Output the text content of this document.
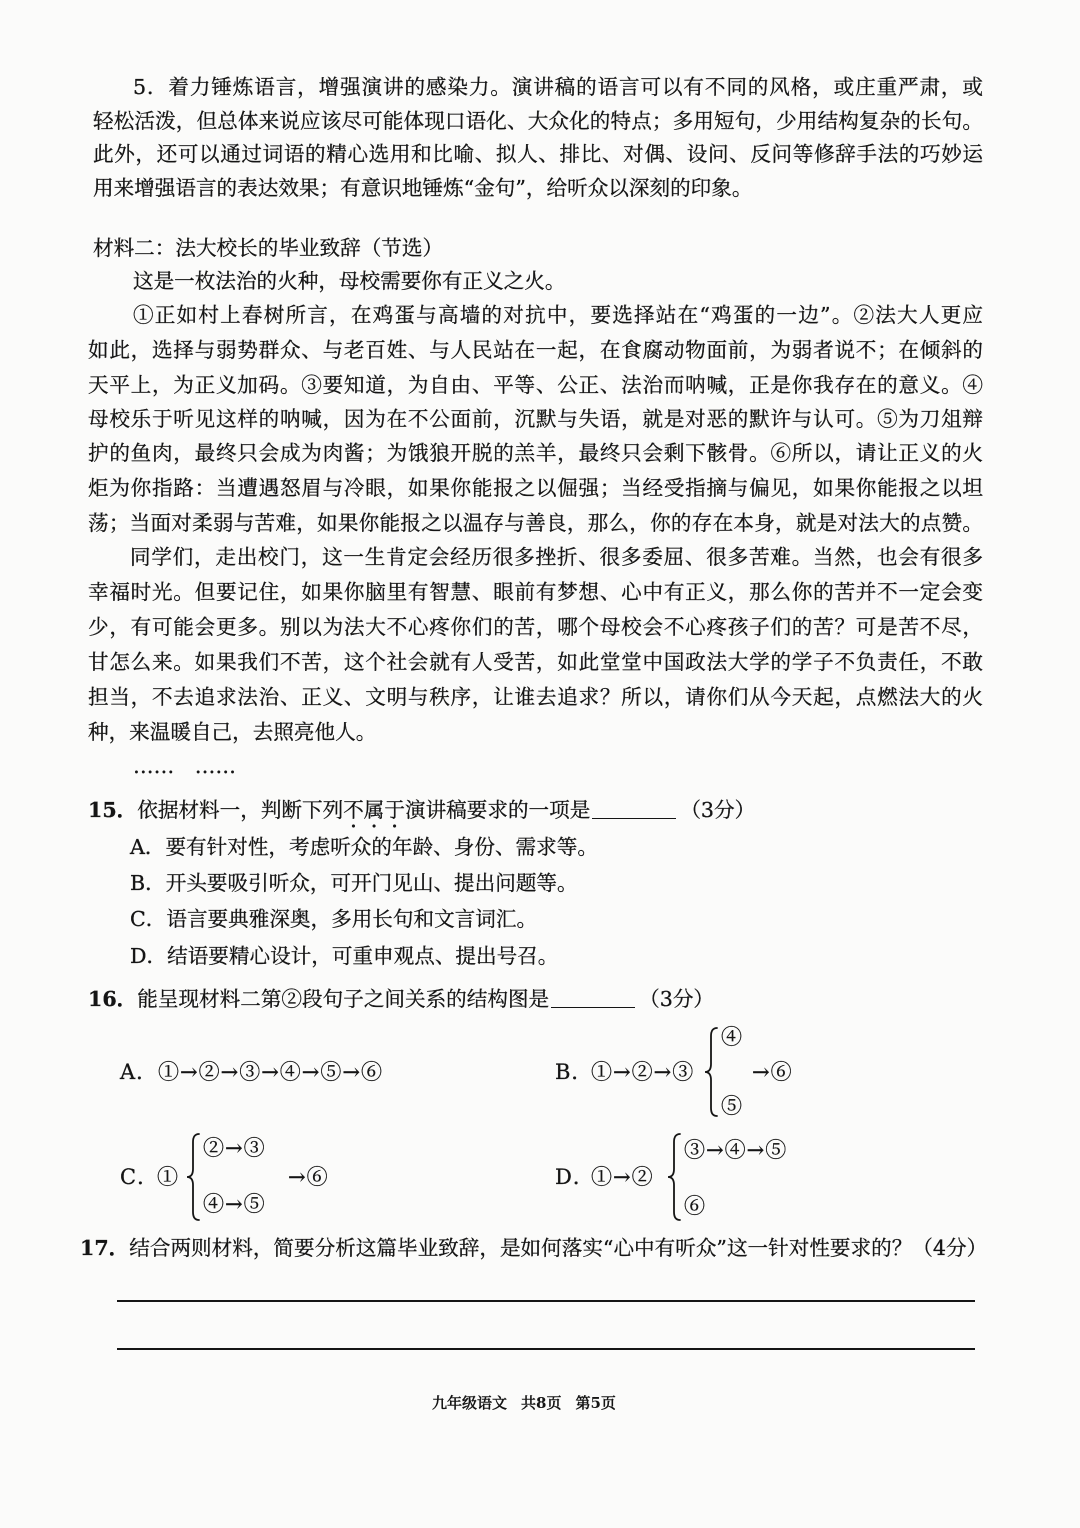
5．着力锤炼语言，增强演讲的感染力。演讲稿的语言可以有不同的风格，或庄重严肃，或
轻松活泼，但总体来说应该尽可能体现口语化、大众化的特点；多用短句，少用结构复杂的长句。
此外，还可以通过词语的精心选用和比喻、拟人、排比、对偶、设问、反问等修辞手法的巧妙运
用来增强语言的表达效果；有意识地锤炼“金句”，给听众以深刻的印象。
材料二：法大校长的毕业致辞（节选）
这是一枚法治的火种，母校需要你有正义之火。
①正如村上春树所言，在鸡蛋与高墙的对抗中，要选择站在“鸡蛋的一边”。②法大人更应
如此，选择与弱势群众、与老百姓、与人民站在一起，在食腐动物面前，为弱者说不；在倾斜的
天平上，为正义加码。③要知道，为自由、平等、公正、法治而呐喊，正是你我存在的意义。④
母校乐于听见这样的呐喊，因为在不公面前，沉默与失语，就是对恶的默许与认可。⑤为刀俎辩
护的鱼肉，最终只会成为肉酱；为饿狼开脱的羔羊，最终只会剩下骸骨。⑥所以，请让正义的火
炬为你指路：当遭遇怒眉与冷眼，如果你能报之以倔强；当经受指摘与偏见，如果你能报之以坦
荡；当面对柔弱与苦难，如果你能报之以温存与善良，那么，你的存在本身，就是对法大的点赞。
同学们，走出校门，这一生肯定会经历很多挫折、很多委屈、很多苦难。当然，也会有很多
幸福时光。但要记住，如果你脑里有智慧、眼前有梦想、心中有正义，那么你的苦并不一定会变
少，有可能会更多。别以为法大不心疼你们的苦，哪个母校会不心疼孩子们的苦？可是苦不尽，
甘怎么来。如果我们不苦，这个社会就有人受苦，如此堂堂中国政法大学的学子不负责任，不敢
担当，不去追求法治、正义、文明与秩序，让谁去追求？所以，请你们从今天起，点燃法大的火
种，来温暖自己，去照亮他人。
……　……
15．依据材料一，判断下列不属于演讲稿要求的一项是	（3分）
A．要有针对性，考虑听众的年龄、身份、需求等。
B．开头要吸引听众，可开门见山、提出问题等。
C．语言要典雅深奥，多用长句和文言词汇。
D．结语要精心设计，可重申观点、提出号召。
16．能呈现材料二第②段句子之间关系的结构图是	（3分）
A． ①→②→③→④→⑤→⑥	B．
①→②→③
④
⑤
→⑥
C．
①
②→③
④→⑤
→⑥	D．
①→②
③→④→⑤
⑥
17．结合两则材料，简要分析这篇毕业致辞，是如何落实“心中有听众”这一针对性要求的？（4分）
九年级语文 共8页 第5页
